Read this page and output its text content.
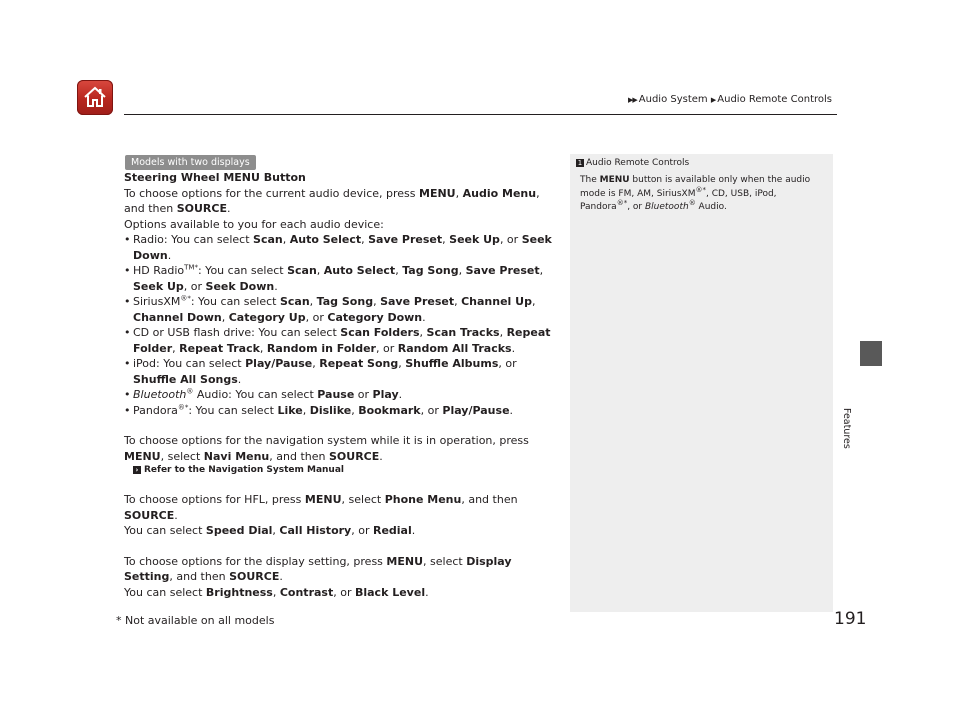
▶▶ Audio System ▶ Audio Remote Controls
Features
Models with two displays

Steering Wheel MENU Button

To choose options for the current audio device, press MENU, Audio Menu, and then SOURCE.

Options available to you for each audio device:

• Radio: You can select Scan, Auto Select, Save Preset, Seek Up, or Seek Down.
• HD Radio$^{TM*}$: You can select Scan, Auto Select, Tag Song, Save Preset, Seek Up, or Seek Down.
• SiriusXM®*: You can select Scan, Tag Song, Save Preset, Channel Up, Channel Down, Category Up, or Category Down.
• CD or USB flash drive: You can select Scan Folders, Scan Tracks, Repeat Folder, Repeat Track, Random in Folder, or Random All Tracks.
• iPod: You can select Play/Pause, Repeat Song, Shuffle Albums, or Shuffle All Songs.
• Bluetooth® Audio: You can select Pause or Play.
• Pandora®*: You can select Like, Dislike, Bookmark, or Play/Pause.

To choose options for the navigation system while it is in operation, press MENU, select Navi Menu, and then SOURCE.

› Refer to the Navigation System Manual

To choose options for HFL, press MENU, select Phone Menu, and then SOURCE.
You can select Speed Dial, Call History, or Redial.

To choose options for the display setting, press MENU, select Display Setting, and then SOURCE.
You can select Brightness, Contrast, or Black Level.

1 Audio Remote Controls
The MENU button is available only when the audio mode is FM, AM, SiriusXM®*, CD, USB, iPod, Pandora®*, or Bluetooth® Audio.
* Not available on all models	191
